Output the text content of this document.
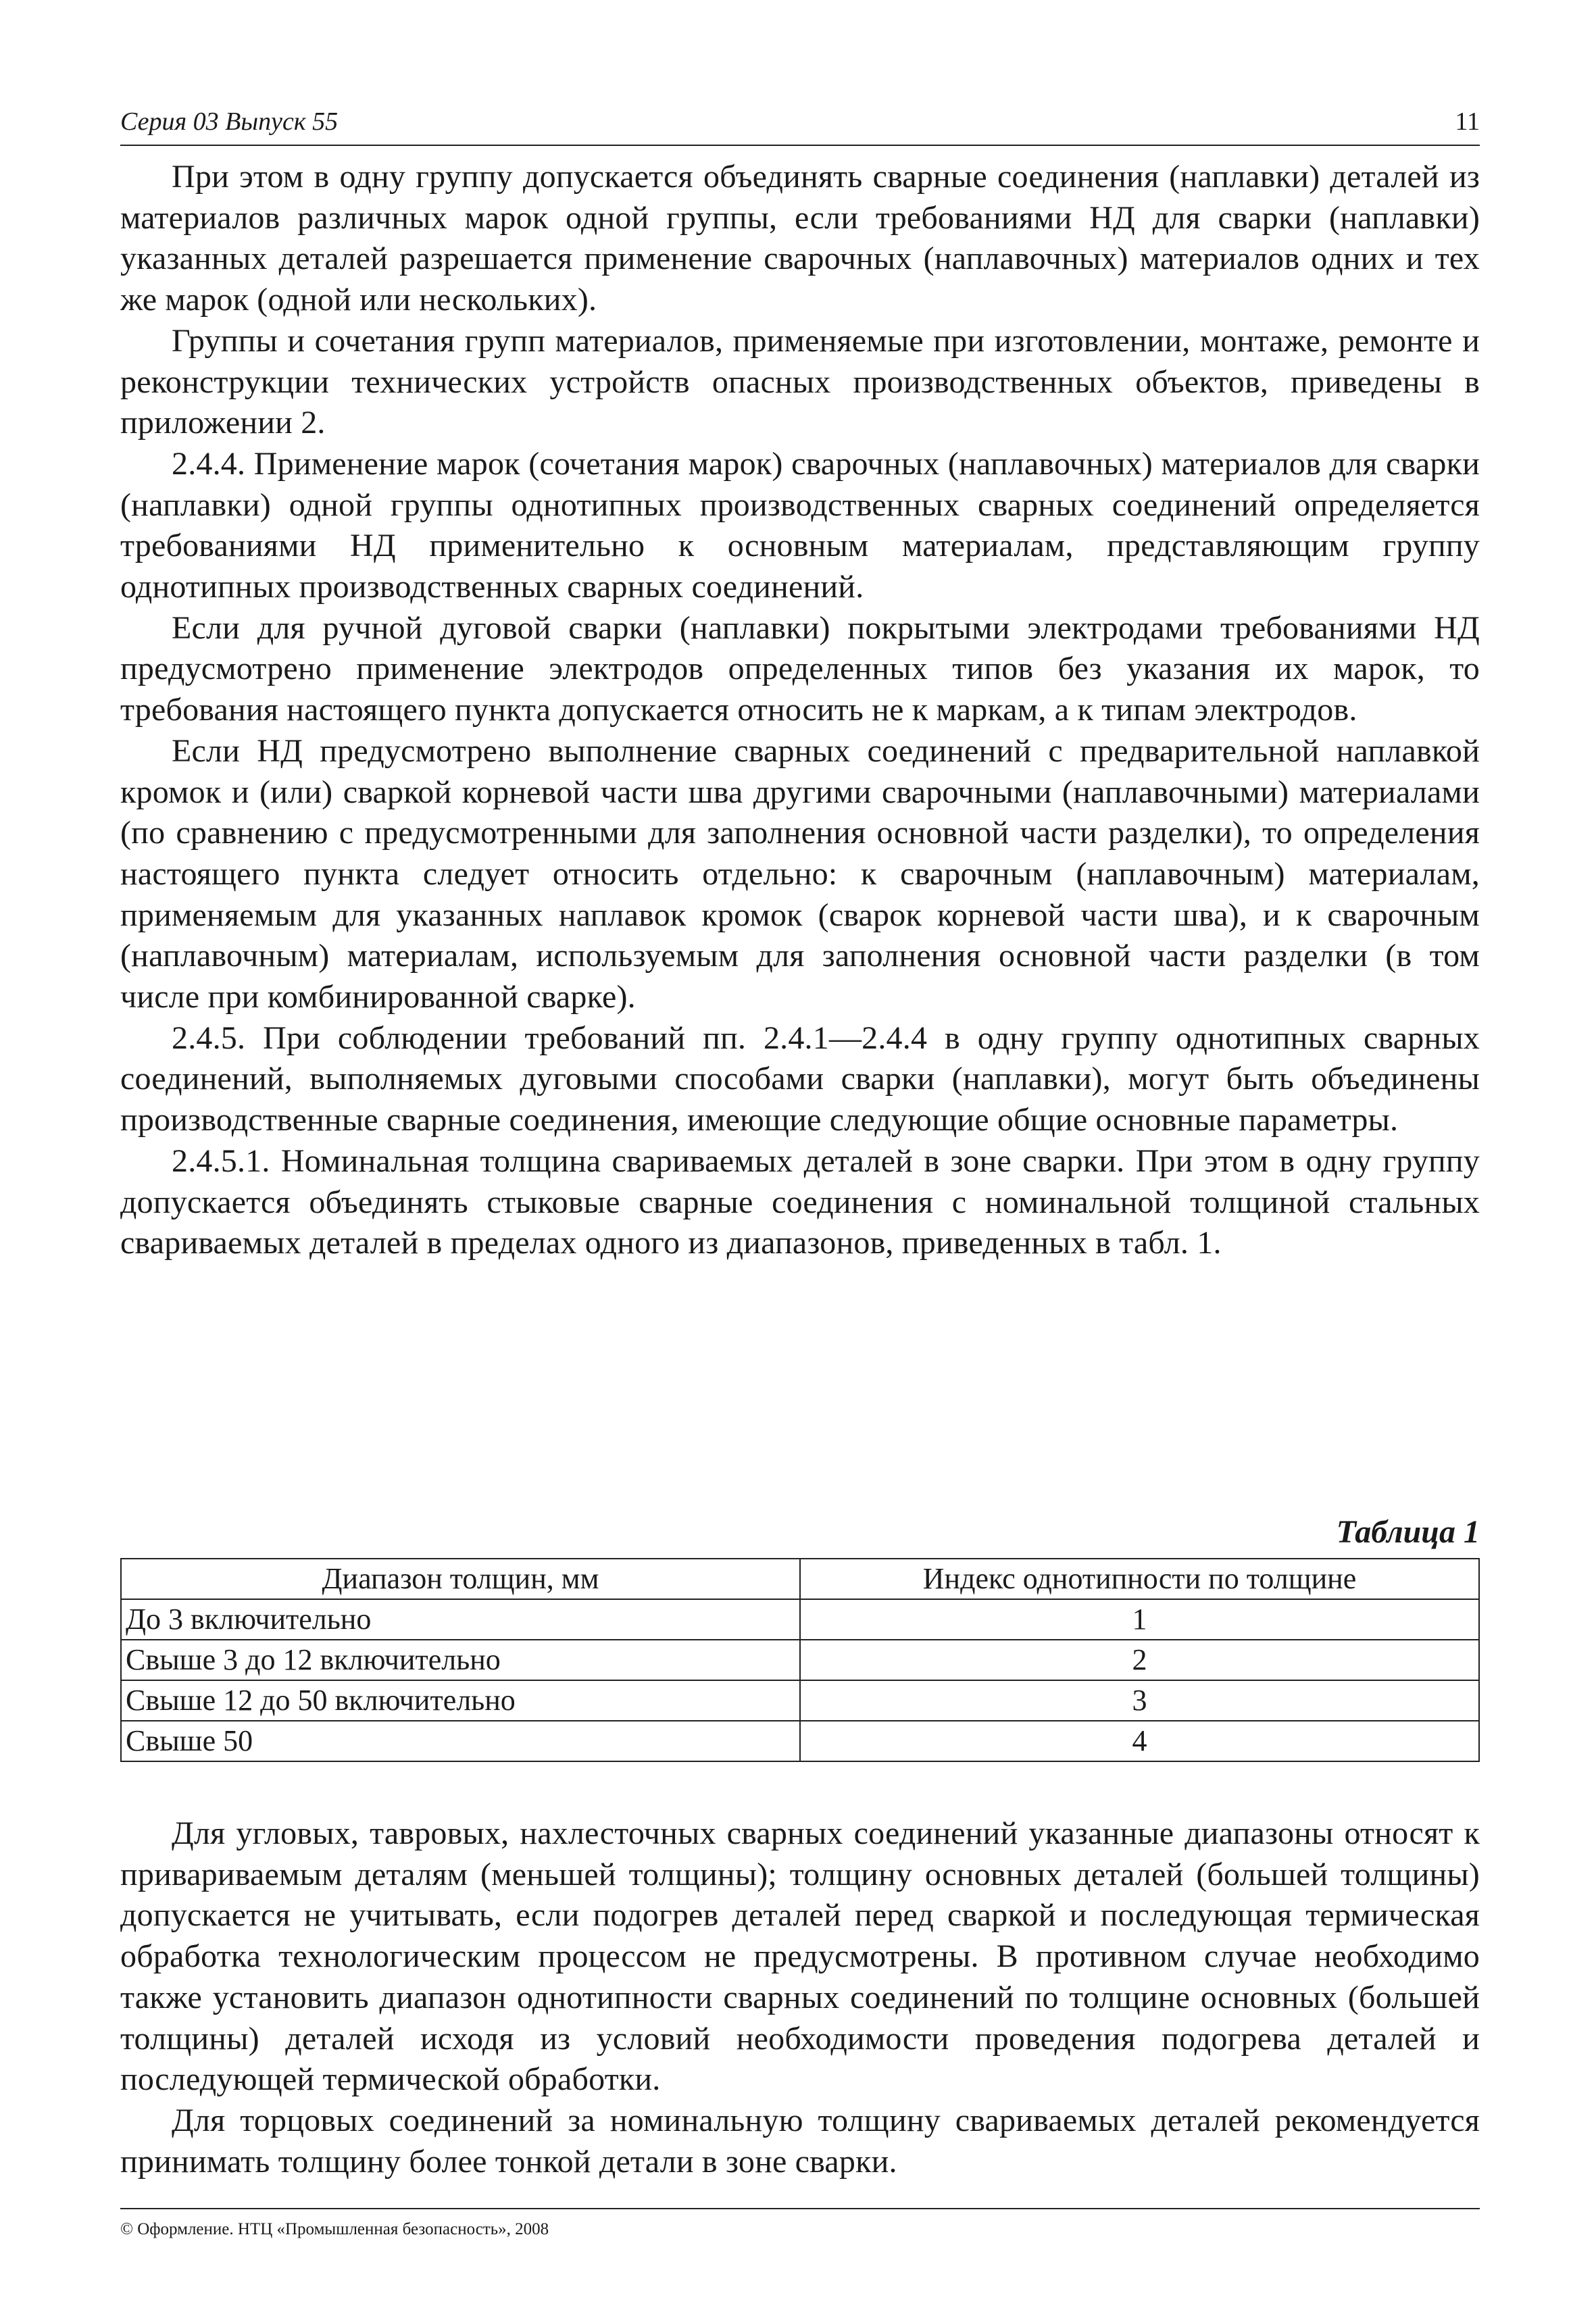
Серия 03 Выпуск 55	11

При этом в одну группу допускается объединять сварные соединения (наплавки) деталей из материалов различных марок одной группы, если требованиями НД для сварки (наплавки) указанных деталей разрешается применение сварочных (наплавочных) материалов одних и тех же марок (одной или нескольких).

Группы и сочетания групп материалов, применяемые при изготовлении, монтаже, ремонте и реконструкции технических устройств опасных производственных объектов, приведены в приложении 2.

2.4.4. Применение марок (сочетания марок) сварочных (наплавочных) материалов для сварки (наплавки) одной группы однотипных производственных сварных соединений определяется требованиями НД применительно к основным материалам, представляющим группу однотипных производственных сварных соединений.

Если для ручной дуговой сварки (наплавки) покрытыми электродами требованиями НД предусмотрено применение электродов определенных типов без указания их марок, то требования настоящего пункта допускается относить не к маркам, а к типам электродов.

Если НД предусмотрено выполнение сварных соединений с предварительной наплавкой кромок и (или) сваркой корневой части шва другими сварочными (наплавочными) материалами (по сравнению с предусмотренными для заполнения основной части разделки), то определения настоящего пункта следует относить отдельно: к сварочным (наплавочным) материалам, применяемым для указанных наплавок кромок (сварок корневой части шва), и к сварочным (наплавочным) материалам, используемым для заполнения основной части разделки (в том числе при комбинированной сварке).

2.4.5. При соблюдении требований пп. 2.4.1—2.4.4 в одну группу однотипных сварных соединений, выполняемых дуговыми способами сварки (наплавки), могут быть объединены производственные сварные соединения, имеющие следующие общие основные параметры.

2.4.5.1. Номинальная толщина свариваемых деталей в зоне сварки. При этом в одну группу допускается объединять стыковые сварные соединения с номинальной толщиной стальных свариваемых деталей в пределах одного из диапазонов, приведенных в табл. 1.

Таблица 1
Диапазон толщин, мм	Индекс однотипности по толщине
До 3 включительно	1
Свыше 3 до 12 включительно	2
Свыше 12 до 50 включительно	3
Свыше 50	4

Для угловых, тавровых, нахлесточных сварных соединений указанные диапазоны относят к привариваемым деталям (меньшей толщины); толщину основных деталей (большей толщины) допускается не учитывать, если подогрев деталей перед сваркой и последующая термическая обработка технологическим процессом не предусмотрены. В противном случае необходимо также установить диапазон однотипности сварных соединений по толщине основных (большей толщины) деталей исходя из условий необходимости проведения подогрева деталей и последующей термической обработки.

Для торцовых соединений за номинальную толщину свариваемых деталей рекомендуется принимать толщину более тонкой детали в зоне сварки.

© Оформление. НТЦ «Промышленная безопасность», 2008
